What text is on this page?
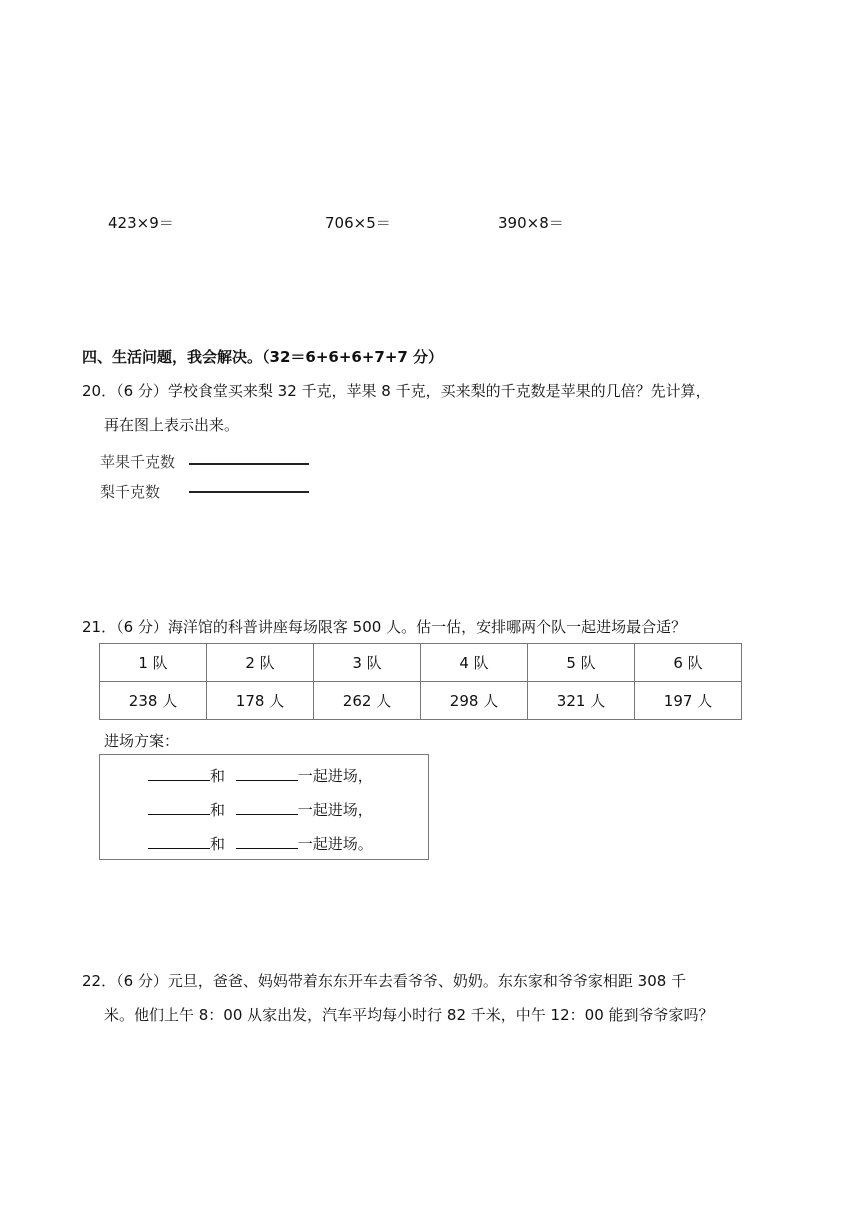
423×9＝	706×5＝	390×8＝
四、生活问题，我会解决。（32＝6+6+6+7+7 分）
20．（6 分）学校食堂买来梨 32 千克，苹果 8 千克，买来梨的千克数是苹果的几倍？先计算，
再在图上表示出来。
苹果千克数
梨千克数
21．（6 分）海洋馆的科普讲座每场限客 500 人。估一估，安排哪两个队一起进场最合适？
1 队	2 队	3 队	4 队	5 队	6 队
238 人	178 人	262 人	298 人	321 人	197 人
进场方案：
和	一起进场，
和	一起进场，
和	一起进场。
22．（6 分）元旦，爸爸、妈妈带着东东开车去看爷爷、奶奶。东东家和爷爷家相距 308 千
米。他们上午 8：00 从家出发，汽车平均每小时行 82 千米，中午 12：00 能到爷爷家吗？
